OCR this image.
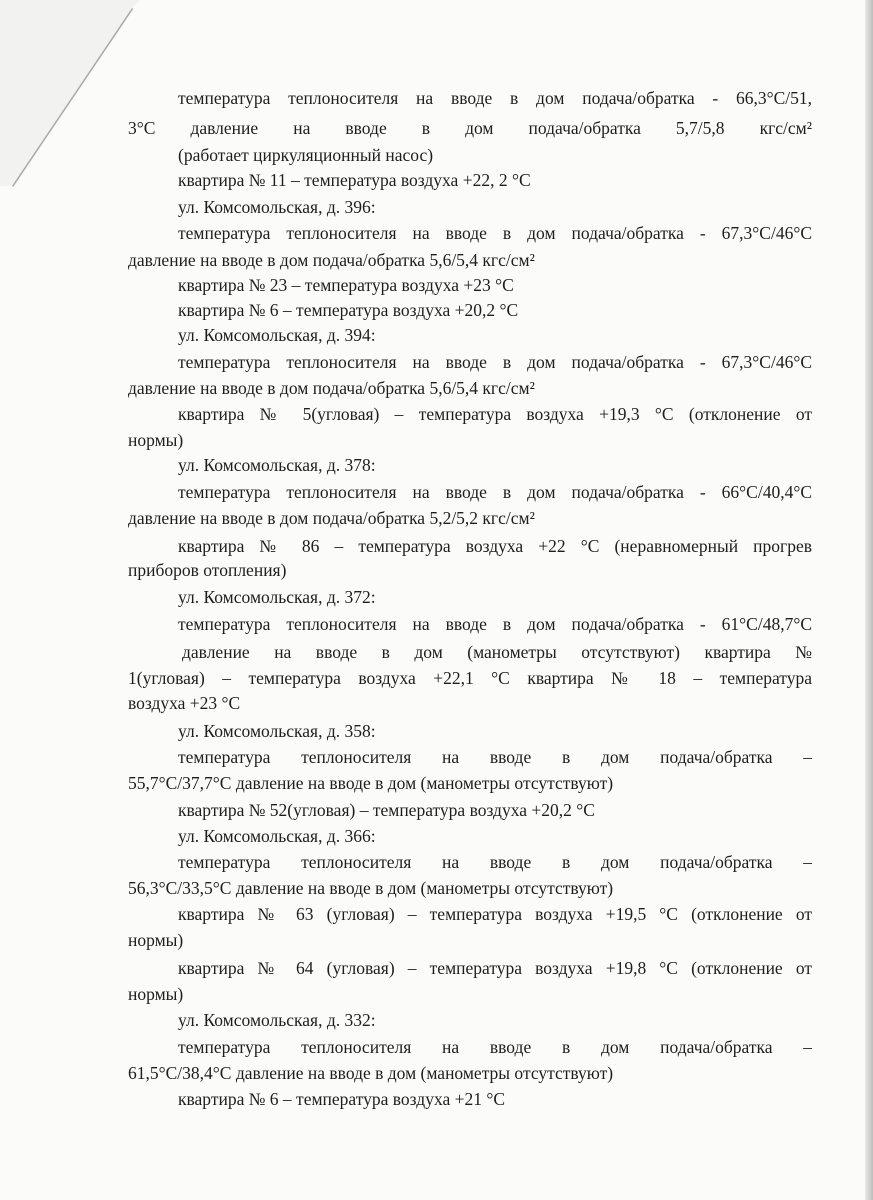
температура теплоносителя на вводе в дом подача/обратка - 66,3°C/51,
3°C давление на вводе в дом подача/обратка 5,7/5,8 кгс/см²
(работает циркуляционный насос)
квартира № 11 – температура воздуха +22, 2 °C
ул. Комсомольская, д. 396:
температура теплоносителя на вводе в дом подача/обратка - 67,3°C/46°C
давление на вводе в дом подача/обратка 5,6/5,4 кгс/см²
квартира № 23 – температура воздуха +23 °C
квартира № 6 – температура воздуха +20,2 °C
ул. Комсомольская, д. 394:
температура теплоносителя на вводе в дом подача/обратка - 67,3°C/46°C
давление на вводе в дом подача/обратка 5,6/5,4 кгс/см²
квартира № 5(угловая) – температура воздуха +19,3 °C (отклонение от
нормы)
ул. Комсомольская, д. 378:
температура теплоносителя на вводе в дом подача/обратка - 66°C/40,4°C
давление на вводе в дом подача/обратка 5,2/5,2 кгс/см²
квартира № 86 – температура воздуха +22 °C (неравномерный прогрев
приборов отопления)
ул. Комсомольская, д. 372:
температура теплоносителя на вводе в дом подача/обратка - 61°C/48,7°C
давление на вводе в дом (манометры отсутствуют) квартира №
1(угловая) – температура воздуха +22,1 °C квартира № 18 – температура
воздуха +23 °C
ул. Комсомольская, д. 358:
температура теплоносителя на вводе в дом подача/обратка –
55,7°C/37,7°C давление на вводе в дом (манометры отсутствуют)
квартира № 52(угловая) – температура воздуха +20,2 °C
ул. Комсомольская, д. 366:
температура теплоносителя на вводе в дом подача/обратка –
56,3°C/33,5°C давление на вводе в дом (манометры отсутствуют)
квартира № 63 (угловая) – температура воздуха +19,5 °C (отклонение от
нормы)
квартира № 64 (угловая) – температура воздуха +19,8 °C (отклонение от
нормы)
ул. Комсомольская, д. 332:
температура теплоносителя на вводе в дом подача/обратка –
61,5°C/38,4°C давление на вводе в дом (манометры отсутствуют)
квартира № 6 – температура воздуха +21 °C
